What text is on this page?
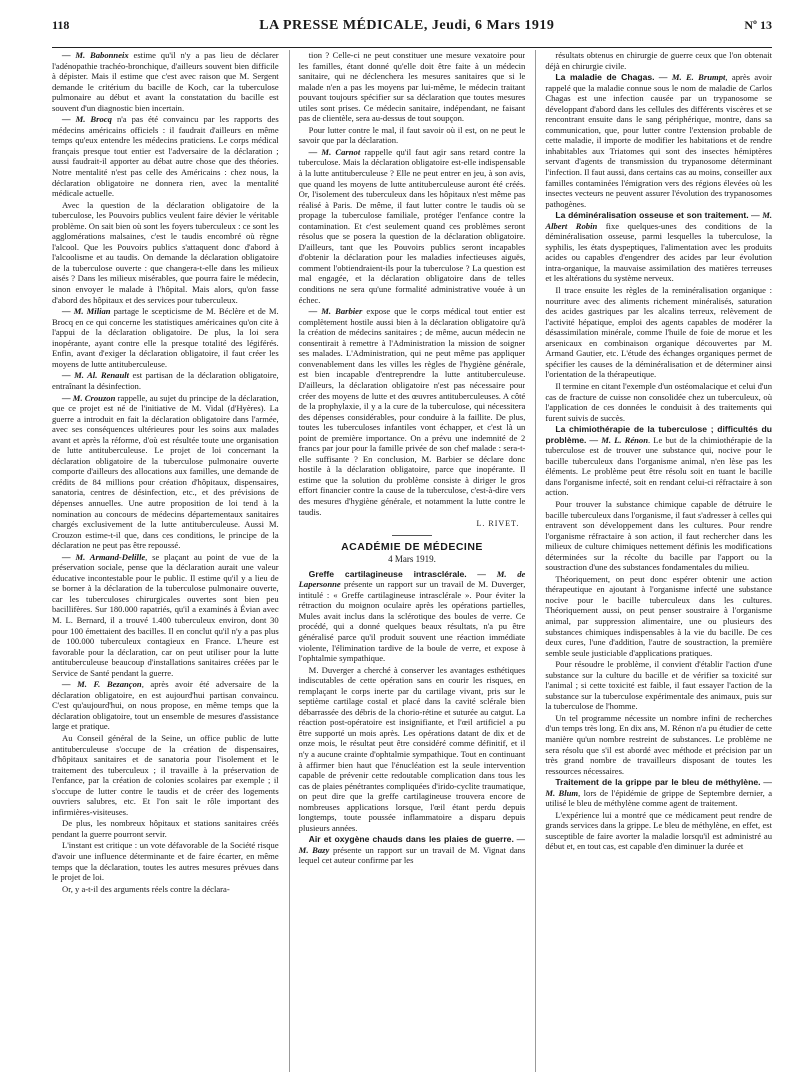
118	LA PRESSE MÉDICALE, Jeudi, 6 Mars 1919	Nº 13

— M. Babonneix estime qu'il n'y a pas lieu de déclarer l'adénopathie trachéo-bronchique, d'ailleurs souvent bien difficile à dépister. Mais il estime que c'est avec raison que M. Sergent demande le critérium du bacille de Koch, car la tuberculose pulmonaire au début et avant la constatation du bacille est souvent d'un diagnostic bien incertain.

— M. Brocq n'a pas été convaincu par les rapports des médecins américains officiels : il faudrait d'ailleurs en même temps qu'eux entendre les médecins praticiens. Le corps médical français presque tout entier est l'adversaire de la déclaration ; aussi faudrait-il apporter au débat autre chose que des théories. Notre mentalité n'est pas celle des Américains : chez nous, la déclaration obligatoire ne donnera rien, avec la mentalité médicale actuelle.

Avec la question de la déclaration obligatoire de la tuberculose, les Pouvoirs publics veulent faire dévier le véritable problème. On sait bien où sont les foyers tuberculeux : ce sont les agglomérations malsaines, c'est le taudis encombré où règne l'alcool. Que les Pouvoirs publics s'attaquent donc d'abord à l'alcoolisme et au taudis. On demande la déclaration obligatoire de la tuberculose ouverte : que changera-t-elle dans les milieux aisés ? Dans les milieux misérables, que pourra faire le médecin, sinon envoyer le malade à l'hôpital. Mais alors, qu'on fasse d'abord des hôpitaux et des services pour tuberculeux.

— M. Milian partage le scepticisme de M. Béclère et de M. Brocq en ce qui concerne les statistiques américaines qu'on cite à l'appui de la déclaration obligatoire. De plus, la loi sera inopérante, ayant contre elle la presque totalité des légiférés. Enfin, avant d'exiger la déclaration obligatoire, il faut créer les moyens de lutte antituberculeuse.

— M. Al. Renault est partisan de la déclaration obligatoire, entraînant la désinfection.

— M. Crouzon rappelle, au sujet du principe de la déclaration, que ce projet est né de l'initiative de M. Vidal (d'Hyères). La guerre a introduit en fait la déclaration obligatoire dans l'armée, avec ses conséquences ultérieures pour les soins aux malades avant et après la réforme, d'où est résultée toute une organisation de lutte antituberculeuse. Le projet de loi concernant la déclaration obligatoire de la tuberculose pulmonaire ouverte comporte d'ailleurs des allocations aux familles, une demande de crédits de 84 millions pour création d'hôpitaux, dispensaires, sanatoria, centres de désinfection, etc., et des prévisions de dépenses annuelles. Une autre proposition de loi tend à la nomination au concours de médecins départementaux sanitaires chargés exclusivement de la lutte antituberculeuse. Aussi M. Crouzon estime-t-il que, dans ces conditions, le principe de la déclaration ne peut pas être repoussé.

— M. Armand-Delille, se plaçant au point de vue de la préservation sociale, pense que la déclaration aurait une valeur éducative incontestable pour le public. Il estime qu'il y a lieu de se borner à la déclaration de la tuberculose pulmonaire ouverte, car les tuberculoses chirurgicales ouvertes sont bien peu bacillifères. Sur 180.000 rapatriés, qu'il a examinés à Évian avec M. L. Bernard, il a trouvé 1.400 tuberculeux environ, dont 30 pour 100 émettaient des bacilles. Il en conclut qu'il n'y a pas plus de 100.000 tuberculeux contagieux en France. L'heure est favorable pour la déclaration, car on peut utiliser pour la lutte antituberculeuse beaucoup d'installations sanitaires créées par le Service de Santé pendant la guerre.

— M. F. Bezançon, après avoir été adversaire de la déclaration obligatoire, en est aujourd'hui partisan convaincu. C'est qu'aujourd'hui, on nous propose, en même temps que la déclaration obligatoire, tout un ensemble de mesures d'assistance large et pratique.

Au Conseil général de la Seine, un office public de lutte antituberculeuse s'occupe de la création de dispensaires, d'hôpitaux sanitaires et de sanatoria pour l'isolement et le traitement des tuberculeux ; il travaille à la préservation de l'enfance, par la création de colonies scolaires par exemple ; il s'occupe de lutter contre le taudis et de créer des logements ouvriers salubres, etc. Et l'on sait le rôle important des infirmières-visiteuses.

De plus, les nombreux hôpitaux et stations sanitaires créés pendant la guerre pourront servir.

L'instant est critique : un vote défavorable de la Société risque d'avoir une influence déterminante et de faire écarter, en même temps que la déclaration, toutes les autres mesures prévues dans le projet de loi.

Or, y a-t-il des arguments réels contre la déclara-

tion ? Celle-ci ne peut constituer une mesure vexatoire pour les familles, étant donné qu'elle doit être faite à un médecin sanitaire, qui ne déclenchera les mesures sanitaires que si le malade n'en a pas les moyens par lui-même, le médecin traitant pouvant toujours spécifier sur sa déclaration que toutes mesures utiles sont prises. Ce médecin sanitaire, indépendant, ne faisant pas de clientèle, sera au-dessus de tout soupçon.

Pour lutter contre le mal, il faut savoir où il est, on ne peut le savoir que par la déclaration.

— M. Carnot rappelle qu'il faut agir sans retard contre la tuberculose. Mais la déclaration obligatoire est-elle indispensable à la lutte antituberculeuse ? Elle ne peut entrer en jeu, à son avis, que quand les moyens de lutte antituberculeuse auront été créés. Or, l'isolement des tuberculeux dans les hôpitaux n'est même pas réalisé à Paris. De même, il faut lutter contre le taudis où se propage la tuberculose familiale, protéger l'enfance contre la contamination. Et c'est seulement quand ces problèmes seront résolus que se posera la question de la déclaration obligatoire. D'ailleurs, tant que les Pouvoirs publics seront incapables d'obtenir la déclaration pour les maladies infectieuses aiguës, comment l'obtiendraient-ils pour la tuberculose ? La question est mal engagée, et la déclaration obligatoire dans de telles conditions ne sera qu'une formalité administrative vouée à un échec.

— M. Barbier expose que le corps médical tout entier est complètement hostile aussi bien à la déclaration obligatoire qu'à la création de médecins sanitaires ; de même, aucun médecin ne consentirait à remettre à l'Administration la mission de soigner ses malades. L'Administration, qui ne peut même pas appliquer convenablement dans les villes les règles de l'hygiène générale, est bien incapable d'entreprendre la lutte antituberculeuse. D'ailleurs, la déclaration obligatoire n'est pas nécessaire pour créer des moyens de lutte et des œuvres antituberculeuses. A côté de la prophylaxie, il y a la cure de la tuberculose, qui nécessitera des dépenses considérables, pour conduire à la faillite. De plus, toutes les tuberculoses infantiles vont échapper, et c'est là un point de première importance. On a prévu une indemnité de 2 francs par jour pour la famille privée de son chef malade : sera-t-elle suffisante ? En conclusion, M. Barbier se déclare donc hostile à la déclaration obligatoire, parce que inopérante. Il estime que la solution du problème consiste à diriger le gros effort financier contre la cause de la tuberculose, c'est-à-dire vers des mesures d'hygiène générale, et notamment la lutte contre le taudis.

L. RIVET.
ACADÉMIE DE MÉDECINE
4 Mars 1919.

Greffe cartilagineuse intrasclérale. — M. de Lapersonne présente un rapport sur un travail de M. Duverger, intitulé : « Greffe cartilagineuse intrasclérale ». Pour éviter la rétraction du moignon oculaire après les opérations partielles, Mules avait inclus dans la sclérotique des boules de verre. Ce procédé, qui a donné quelques beaux résultats, n'a pu être généralisé parce qu'il produit souvent une réaction immédiate violente, l'élimination tardive de la boule de verre, et expose à l'ophtalmie sympathique.

M. Duverger a cherché à conserver les avantages esthétiques indiscutables de cette opération sans en courir les risques, en remplaçant le corps inerte par du cartilage vivant, pris sur le septième cartilage costal et placé dans la cavité sclérale bien débarrassée des débris de la chorio-rétine et suturée au catgut. La réaction post-opératoire est insignifiante, et l'œil artificiel a pu être supporté un mois après. Les opérations datant de dix et de onze mois, le résultat peut être considéré comme définitif, et il n'y a aucune crainte d'ophtalmie sympathique. Tout en continuant à affirmer bien haut que l'énucléation est la seule intervention capable de prévenir cette redoutable complication dans tous les cas de plaies pénétrantes compliquées d'irido-cyclite traumatique, on peut dire que la greffe cartilagineuse trouvera encore de nombreuses applications lorsque, l'œil étant perdu depuis longtemps, toute poussée inflammatoire a disparu depuis plusieurs années.

Air et oxygène chauds dans les plaies de guerre. — M. Bazy présente un rapport sur un travail de M. Vignat dans lequel cet auteur confirme par les

résultats obtenus en chirurgie de guerre ceux que l'on obtenait déjà en chirurgie civile.

La maladie de Chagas. — M. E. Brumpt, après avoir rappelé que la maladie connue sous le nom de maladie de Carlos Chagas est une infection causée par un trypanosome se développant d'abord dans les cellules des différents viscères et se rencontrant ensuite dans le sang périphérique, montre, dans sa communication, que, pour lutter contre l'extension probable de cette maladie, il importe de modifier les habitations et de rendre inhabitables aux Triatomes qui sont des insectes hémiptères servant d'agents de transmission du trypanosome déterminant l'infection. Il faut aussi, dans certains cas au moins, conseiller aux familles contaminées l'émigration vers des régions élevées où les insectes vecteurs ne peuvent assurer l'évolution des trypanosomes pathogènes.

La déminéralisation osseuse et son traitement. — M. Albert Robin fixe quelques-unes des conditions de la déminéralisation osseuse, parmi lesquelles la tuberculose, la syphilis, les états dyspeptiques, l'alimentation avec les produits acides ou capables d'engendrer des acides par leur évolution intra-organique, la mauvaise assimilation des matières terreuses et les altérations du système nerveux.

Il trace ensuite les règles de la reminéralisation organique : nourriture avec des aliments richement minéralisés, saturation des acides gastriques par les alcalins terreux, relèvement de l'activité hépatique, emploi des agents capables de modérer la désassimilation minérale, comme l'huile de foie de morue et les arsenicaux en combinaison organique découvertes par M. Armand Gautier, etc. L'étude des échanges organiques permet de spécifier les causes de la déminéralisation et de déterminer ainsi l'orientation de la thérapeutique.

Il termine en citant l'exemple d'un ostéomalacique et celui d'un cas de fracture de cuisse non consolidée chez un tuberculeux, où l'application de ces données le conduisit à des traitements qui furent suivis de succès.

La chimiothérapie de la tuberculose ; difficultés du problème. — M. L. Rénon. Le but de la chimiothérapie de la tuberculose est de trouver une substance qui, nocive pour le bacille tuberculeux dans l'organisme animal, n'en lèse pas les éléments. Le problème peut être résolu soit en tuant le bacille dans l'organisme infecté, soit en rendant celui-ci réfractaire à son action.

Pour trouver la substance chimique capable de détruire le bacille tuberculeux dans l'organisme, il faut s'adresser à celles qui entravent son développement dans les cultures. Pour rendre l'organisme réfractaire à son action, il faut rechercher dans les milieux de culture chimiques nettement définis les modifications déterminées sur la récolte du bacille par l'apport ou la soustraction d'une des substances fondamentales du milieu.

Théoriquement, on peut donc espérer obtenir une action thérapeutique en ajoutant à l'organisme infecté une substance nocive pour le bacille tuberculeux dans les cultures. Théoriquement aussi, on peut penser soustraire à l'organisme animal, par suppression alimentaire, une ou plusieurs des substances chimiques indispensables à la vie du bacille. De ces deux cures, l'une d'addition, l'autre de soustraction, la première semble seule justiciable d'applications pratiques.

Pour résoudre le problème, il convient d'établir l'action d'une substance sur la culture du bacille et de vérifier sa toxicité sur l'animal ; si cette toxicité est faible, il faut essayer l'action de la substance sur la tuberculose expérimentale des animaux, puis sur la tuberculose de l'homme.

Un tel programme nécessite un nombre infini de recherches d'un temps très long. En dix ans, M. Rénon n'a pu étudier de cette manière qu'un nombre restreint de substances. Le problème ne sera résolu que s'il est abordé avec méthode et précision par un très grand nombre de travailleurs disposant de toutes les ressources nécessaires.

Traitement de la grippe par le bleu de méthylène. — M. Blum, lors de l'épidémie de grippe de Septembre dernier, a utilisé le bleu de méthylène comme agent de traitement.

L'expérience lui a montré que ce médicament peut rendre de grands services dans la grippe. Le bleu de méthylène, en effet, est susceptible de faire avorter la maladie lorsqu'il est administré au début et, en tout cas, est capable d'en diminuer la durée et
